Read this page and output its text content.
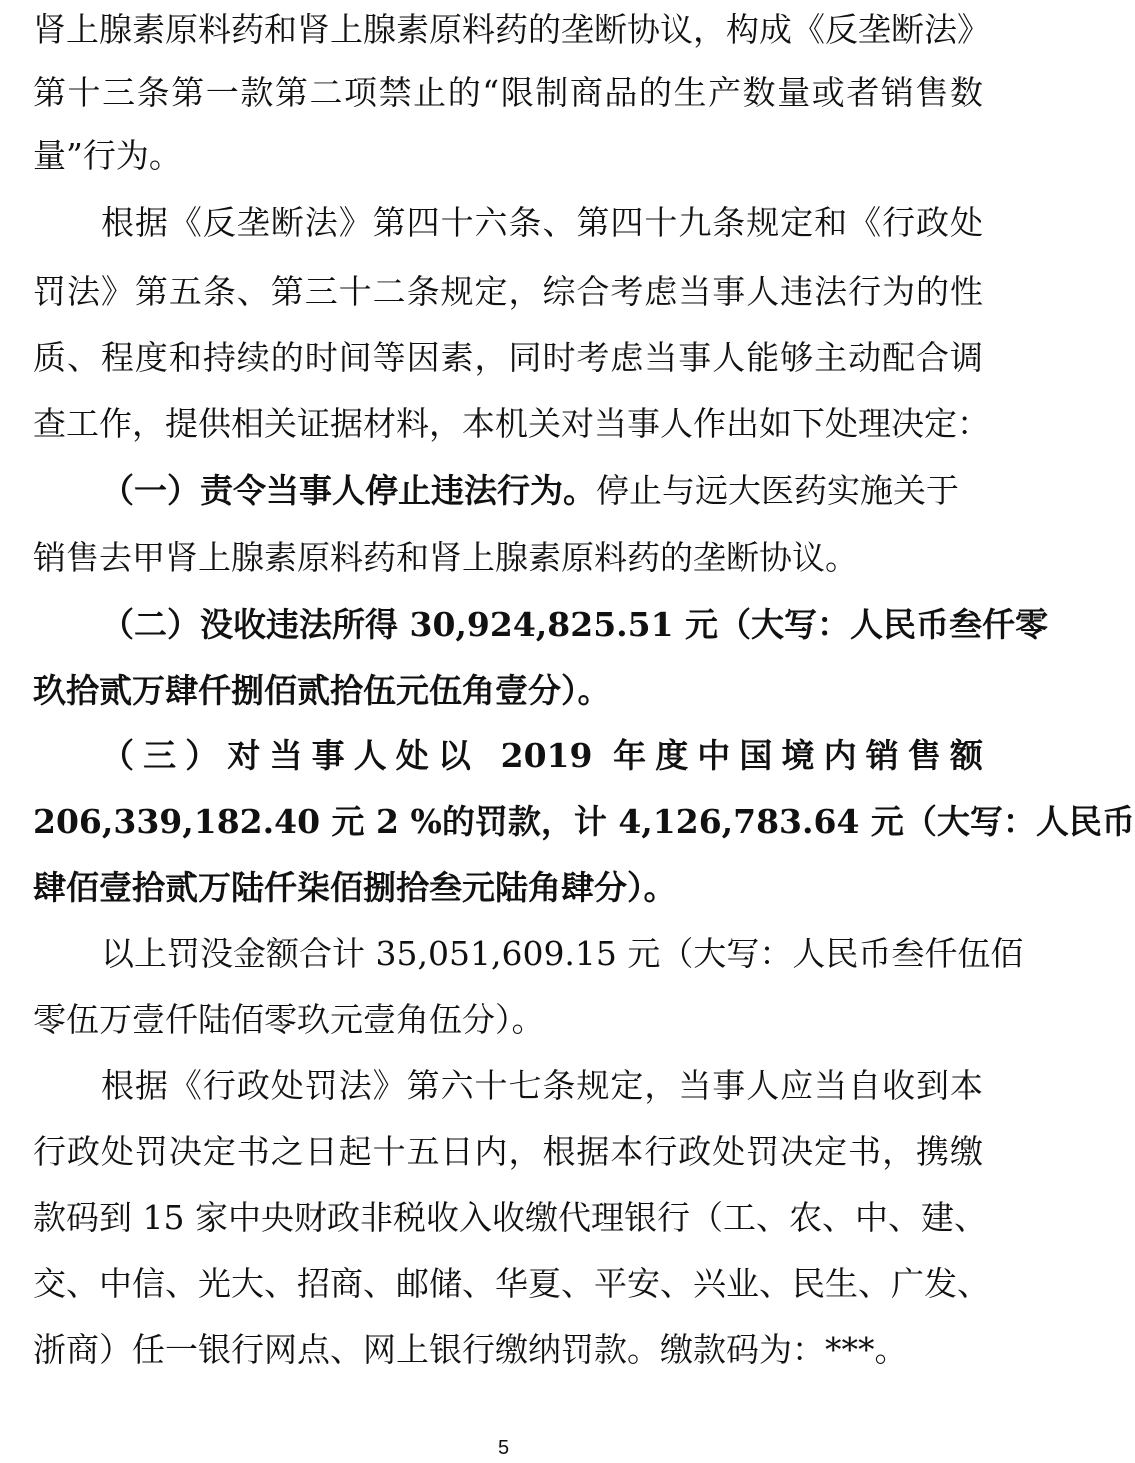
肾上腺素原料药和肾上腺素原料药的垄断协议，构成《反垄断法》
第十三条第一款第二项禁止的“限制商品的生产数量或者销售数
量”行为。
根据《反垄断法》第四十六条、第四十九条规定和《行政处
罚法》第五条、第三十二条规定，综合考虑当事人违法行为的性
质、程度和持续的时间等因素，同时考虑当事人能够主动配合调
查工作，提供相关证据材料，本机关对当事人作出如下处理决定：
（一）责令当事人停止违法行为。停止与远大医药实施关于
销售去甲肾上腺素原料药和肾上腺素原料药的垄断协议。
（二）没收违法所得 30,924,825.51 元（大写：人民币叁仟零
玖拾贰万肆仟捌佰贰拾伍元伍角壹分）。
（三）对当事人处以 2019 年度中国境内销售额
206,339,182.40 元 2 %的罚款，计 4,126,783.64 元（大写：人民币
肆佰壹拾贰万陆仟柒佰捌拾叁元陆角肆分）。
以上罚没金额合计 35,051,609.15 元（大写：人民币叁仟伍佰
零伍万壹仟陆佰零玖元壹角伍分）。
根据《行政处罚法》第六十七条规定，当事人应当自收到本
行政处罚决定书之日起十五日内，根据本行政处罚决定书，携缴
款码到 15 家中央财政非税收入收缴代理银行（工、农、中、建、
交、中信、光大、招商、邮储、华夏、平安、兴业、民生、广发、
浙商）任一银行网点、网上银行缴纳罚款。缴款码为：***。
5
